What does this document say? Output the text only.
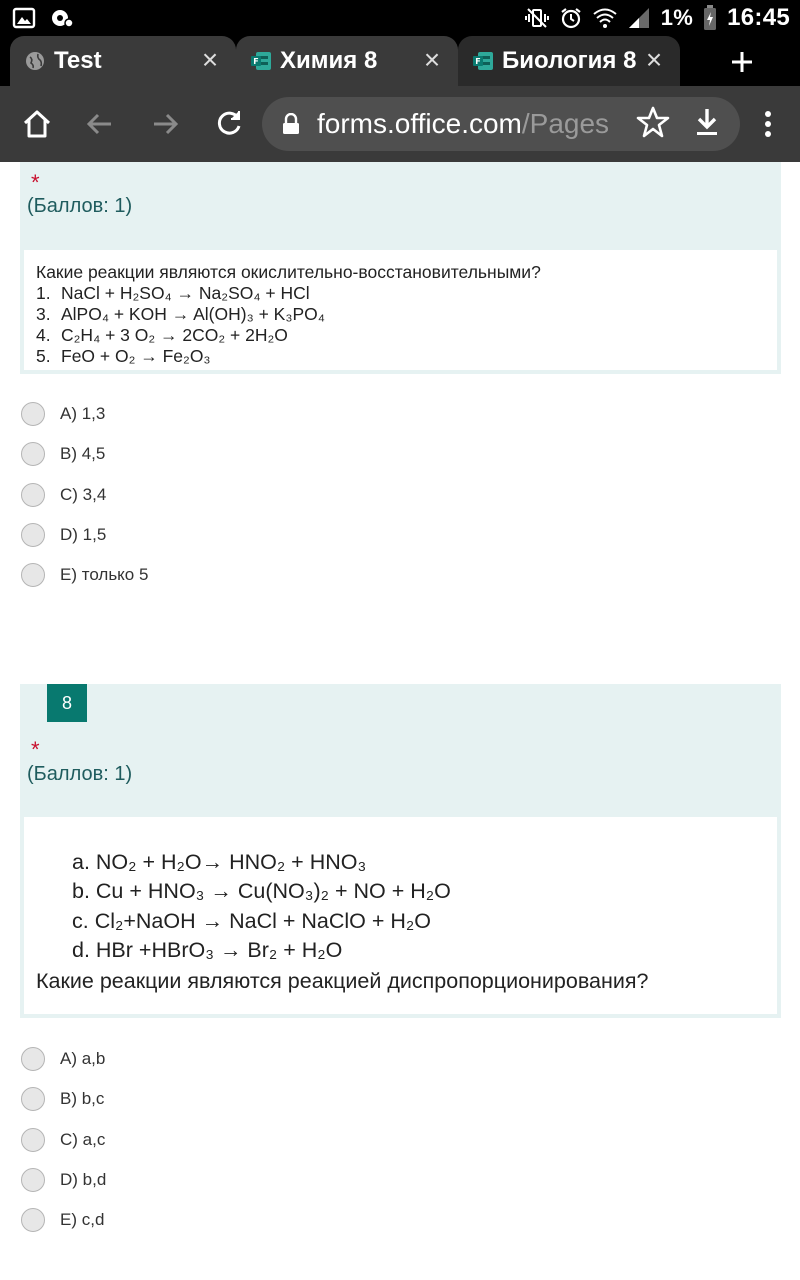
1% 16:45
Test	×	F Химия 8 ×	F Биология 8 ×
forms.office.com/Pages
*
(Баллов: 1)
Какие реакции являются окислительно-восстановительными?
1. NaCl + H₂SO₄ → Na₂SO₄ + HCl
3. AlPO₄ + KOH → Al(OH)₃ + K₃PO₄
4. C₂H₄ + 3 O₂ → 2CO₂ + 2H₂O
5. FeO + O₂ → Fe₂O₃
A) 1,3
B) 4,5
C) 3,4
D) 1,5
E) только 5
8
*
(Баллов: 1)
a. NO₂ + H₂O→ HNO₂ + HNO₃
b. Cu + HNO₃ → Cu(NO₃)₂ + NO + H₂O
c. Cl₂+NaOH → NaCl + NaClO + H₂O
d. HBr +HBrO₃ → Br₂ + H₂O
Какие реакции являются реакцией диспропорционирования?
A) a,b
B) b,c
C) a,c
D) b,d
E) c,d
